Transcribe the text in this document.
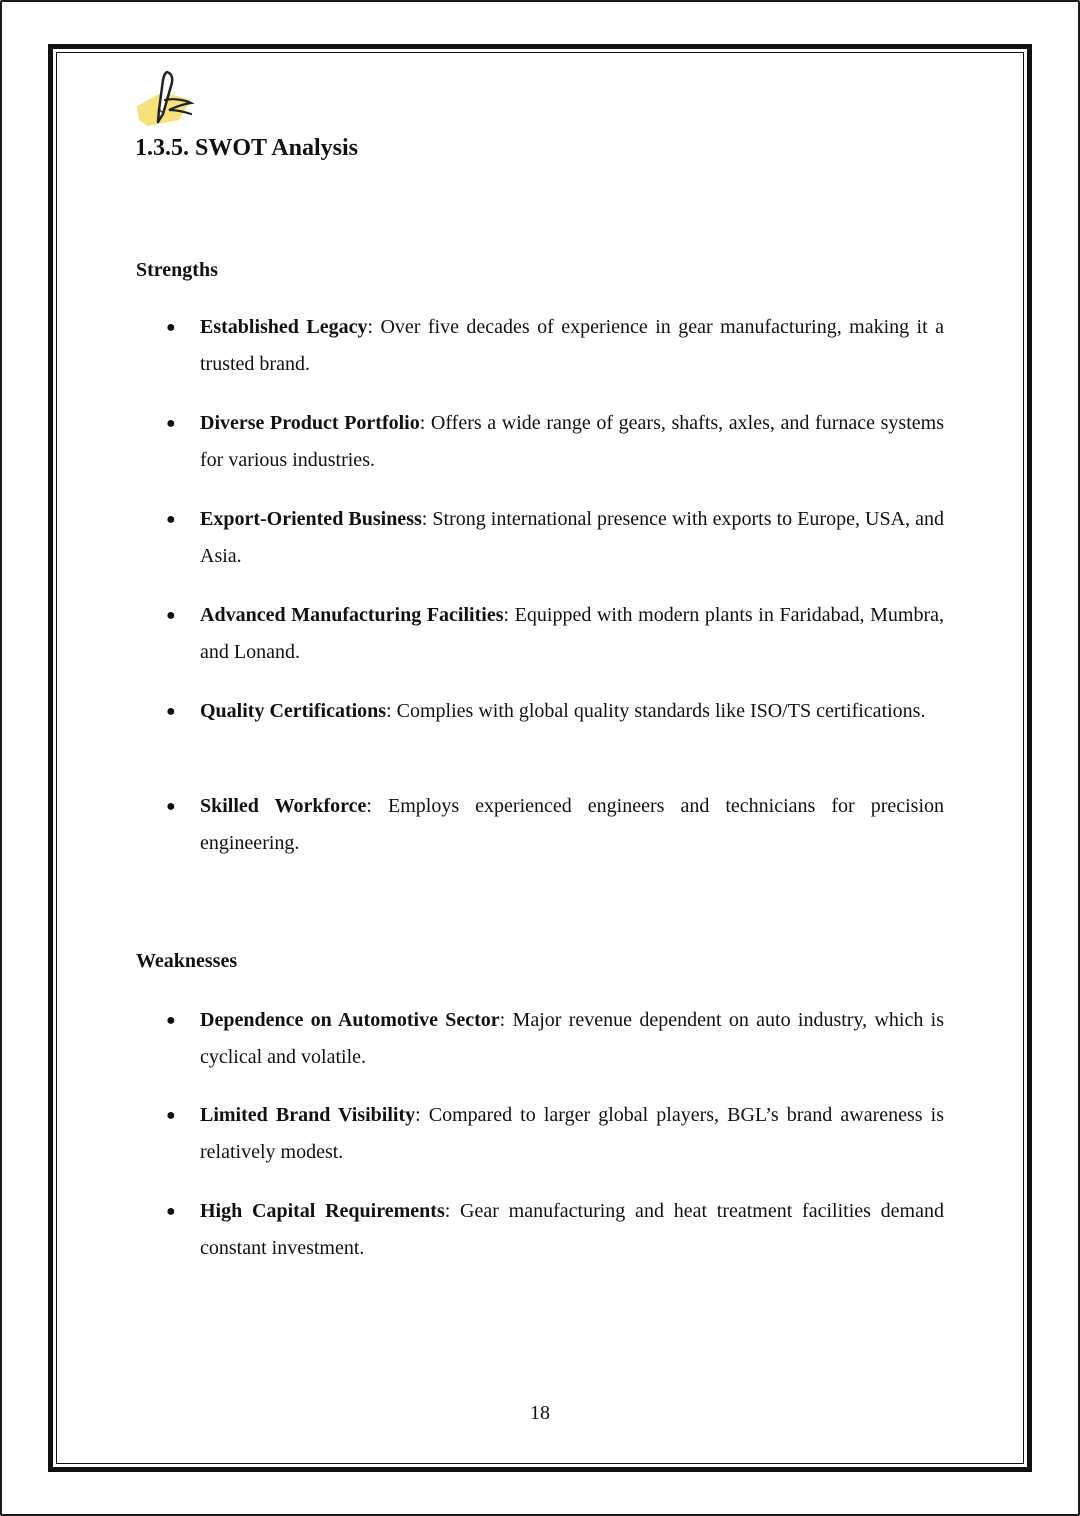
1.3.5. SWOT Analysis
Strengths
● Established Legacy: Over five decades of experience in gear manufacturing, making it a trusted brand.
● Diverse Product Portfolio: Offers a wide range of gears, shafts, axles, and furnace systems for various industries.
● Export-Oriented Business: Strong international presence with exports to Europe, USA, and Asia.
● Advanced Manufacturing Facilities: Equipped with modern plants in Faridabad, Mumbra, and Lonand.
● Quality Certifications: Complies with global quality standards like ISO/TS certifications.
● Skilled Workforce: Employs experienced engineers and technicians for precision engineering.
Weaknesses
● Dependence on Automotive Sector: Major revenue dependent on auto industry, which is cyclical and volatile.
● Limited Brand Visibility: Compared to larger global players, BGL’s brand awareness is relatively modest.
● High Capital Requirements: Gear manufacturing and heat treatment facilities demand constant investment.
18
